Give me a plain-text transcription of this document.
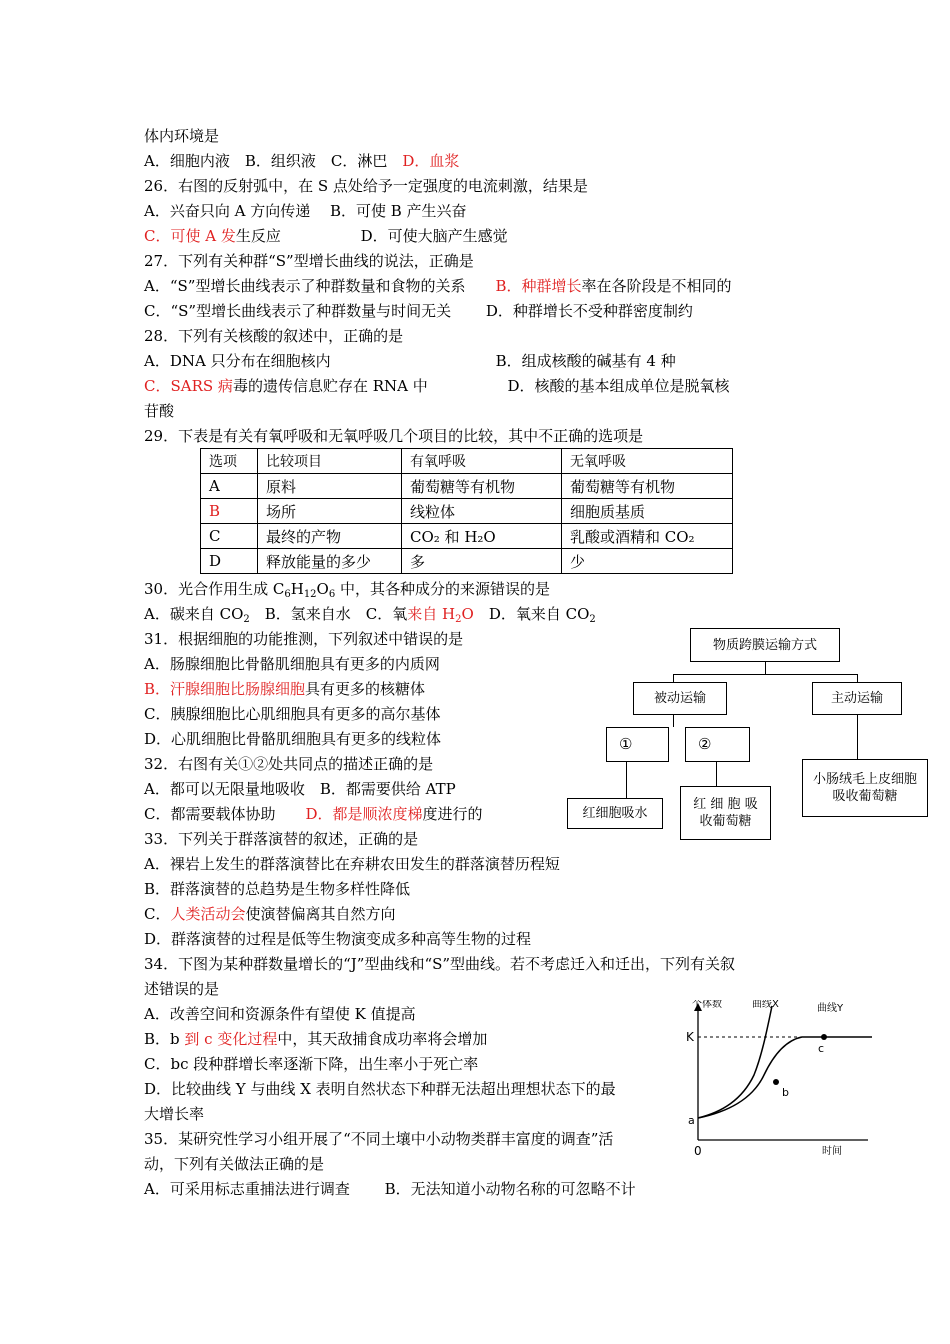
体内环境是
A．细胞内液　B．组织液　C．淋巴　D．血浆
26．右图的反射弧中，在 S 点处给予一定强度的电流刺激，结果是
A．兴奋只向 A 方向传递　 B．可使 B 产生兴奋
C．可使 A 发生反应　　　　　 D．可使大脑产生感觉
27．下列有关种群“S”型增长曲线的说法，正确是
A．“S”型增长曲线表示了种群数量和食物的关系　　B．种群增长率在各阶段是不相同的
C．“S”型增长曲线表示了种群数量与时间无关　　 D．种群增长不受种群密度制约
28．下列有关核酸的叙述中，正确的是
A．DNA 只分布在细胞核内　　　　　　　　　　　B．组成核酸的碱基有 4 种
C．SARS 病毒的遗传信息贮存在 RNA 中　　　　　 D．核酸的基本组成单位是脱氧核
苷酸
29．下表是有关有氧呼吸和无氧呼吸几个项目的比较，其中不正确的选项是
30．光合作用生成 $C_6H_{12}O_6$ 中，其各种成分的来源错误的是
A．碳来自 $CO_2$　B．氢来自水　C．氧来自 $H_2O$　D．氧来自 $CO_2$
31．根据细胞的功能推测，下列叙述中错误的是
A．肠腺细胞比骨骼肌细胞具有更多的内质网
B．汗腺细胞比肠腺细胞具有更多的核糖体
C．胰腺细胞比心肌细胞具有更多的高尔基体
D．心肌细胞比骨骼肌细胞具有更多的线粒体
32．右图有关①②处共同点的描述正确的是
A．都可以无限量地吸收　B．都需要供给 ATP
C．都需要载体协助　　D．都是顺浓度梯度进行的
33．下列关于群落演替的叙述，正确的是
A．裸岩上发生的群落演替比在弃耕农田发生的群落演替历程短
B．群落演替的总趋势是生物多样性降低
C．人类活动会使演替偏离其自然方向
D．群落演替的过程是低等生物演变成多种高等生物的过程
34．下图为某种群数量增长的“J”型曲线和“S”型曲线。若不考虑迁入和迁出，下列有关叙
述错误的是
A．改善空间和资源条件有望使 K 值提高
B．b 到 c 变化过程中，其天敌捕食成功率将会增加
C．bc 段种群增长率逐渐下降，出生率小于死亡率
D．比较曲线 Y 与曲线 X 表明自然状态下种群无法超出理想状态下的最
大增长率
35．某研究性学习小组开展了“不同土壤中小动物类群丰富度的调查”活
动，下列有关做法正确的是
A．可采用标志重捕法进行调查　　 B．无法知道小动物名称的可忽略不计
选项	比较项目	有氧呼吸	无氧呼吸
A	原料	葡萄糖等有机物	葡萄糖等有机物
B	场所	线粒体	细胞质基质
C	最终的产物	CO₂ 和 H₂O	乳酸或酒精和 CO₂
D	释放能量的多少	多	少
物质跨膜运输方式
被动运输	主动运输
①	②
红细胞吸水
红 细 胞 吸 收葡萄糖
小肠绒毛上皮细胞吸收葡萄糖
个体数	曲线X	曲线Y
K
a
b
c
0	时间
